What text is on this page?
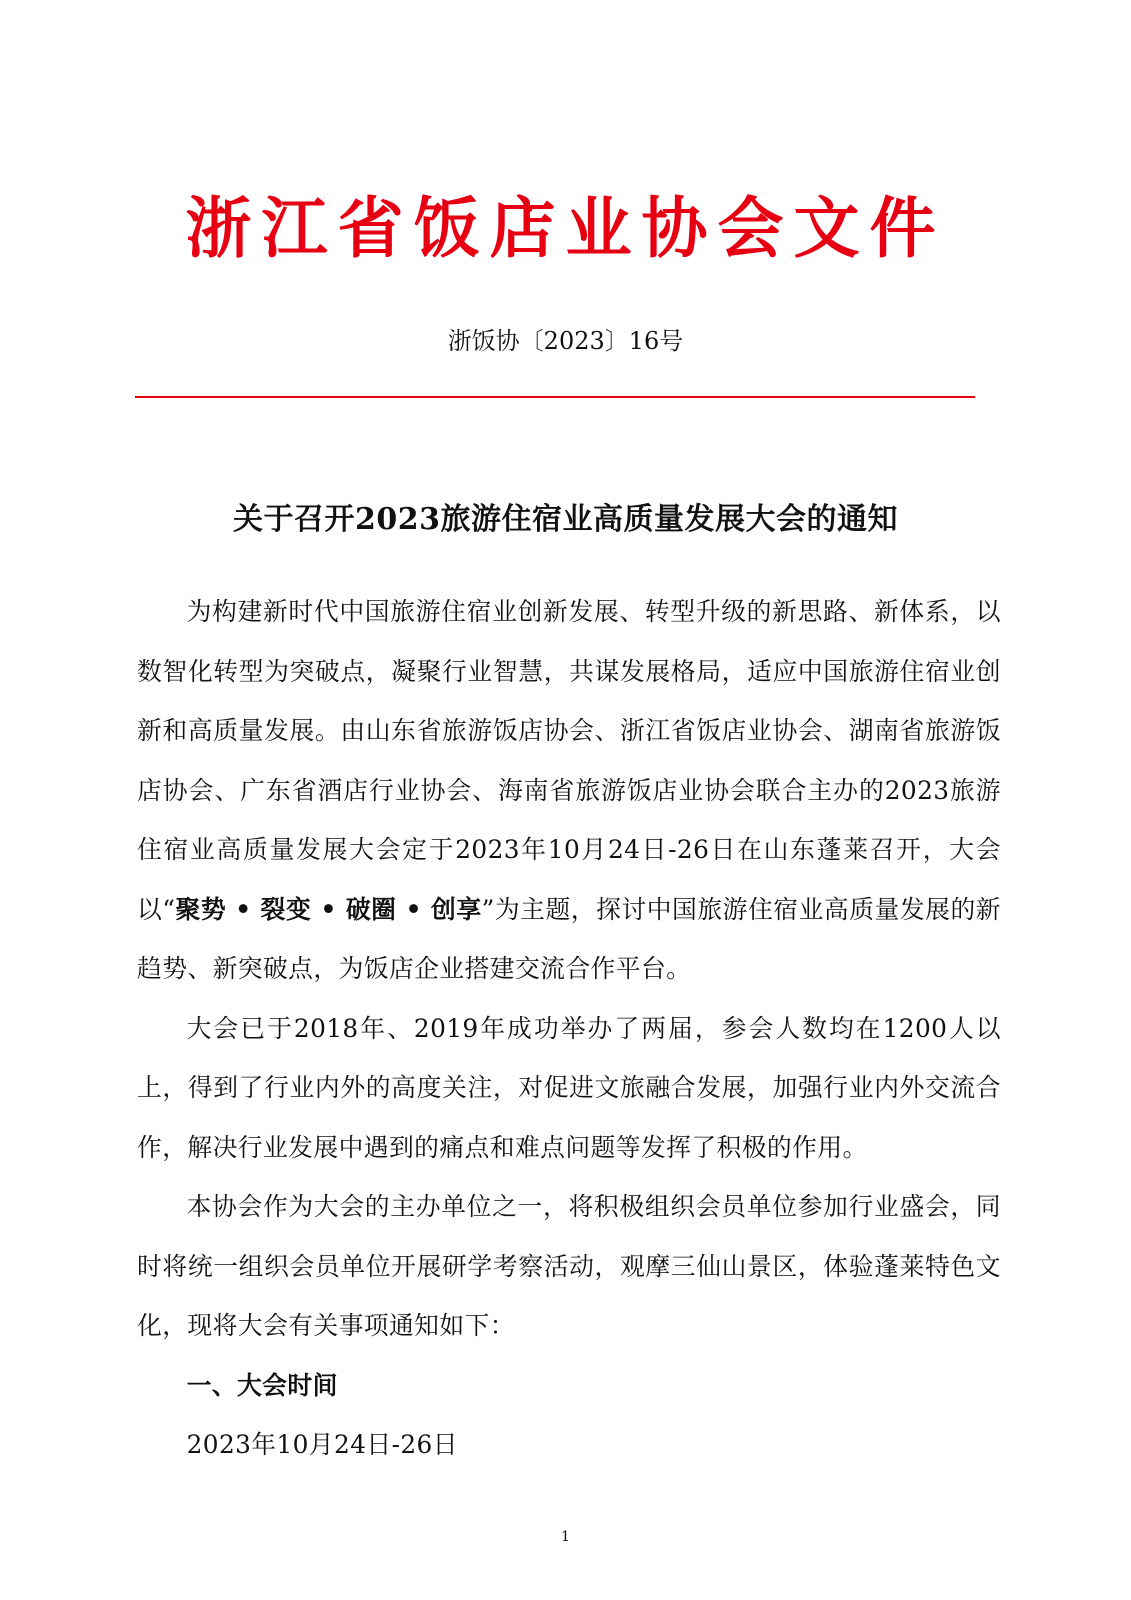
浙江省饭店业协会文件
浙饭协〔2023〕16号
关于召开2023旅游住宿业高质量发展大会的通知

为构建新时代中国旅游住宿业创新发展、转型升级的新思路、新体系，以数智化转型为突破点，凝聚行业智慧，共谋发展格局，适应中国旅游住宿业创新和高质量发展。由山东省旅游饭店协会、浙江省饭店业协会、湖南省旅游饭店协会、广东省酒店行业协会、海南省旅游饭店业协会联合主办的2023旅游住宿业高质量发展大会定于2023年10月24日-26日在山东蓬莱召开，大会以“聚势 • 裂变 • 破圈 • 创享”为主题，探讨中国旅游住宿业高质量发展的新趋势、新突破点，为饭店企业搭建交流合作平台。

大会已于2018年、2019年成功举办了两届，参会人数均在1200人以上，得到了行业内外的高度关注，对促进文旅融合发展，加强行业内外交流合作，解决行业发展中遇到的痛点和难点问题等发挥了积极的作用。

本协会作为大会的主办单位之一，将积极组织会员单位参加行业盛会，同时将统一组织会员单位开展研学考察活动，观摩三仙山景区，体验蓬莱特色文化，现将大会有关事项通知如下：

一、大会时间

2023年10月24日-26日

1
